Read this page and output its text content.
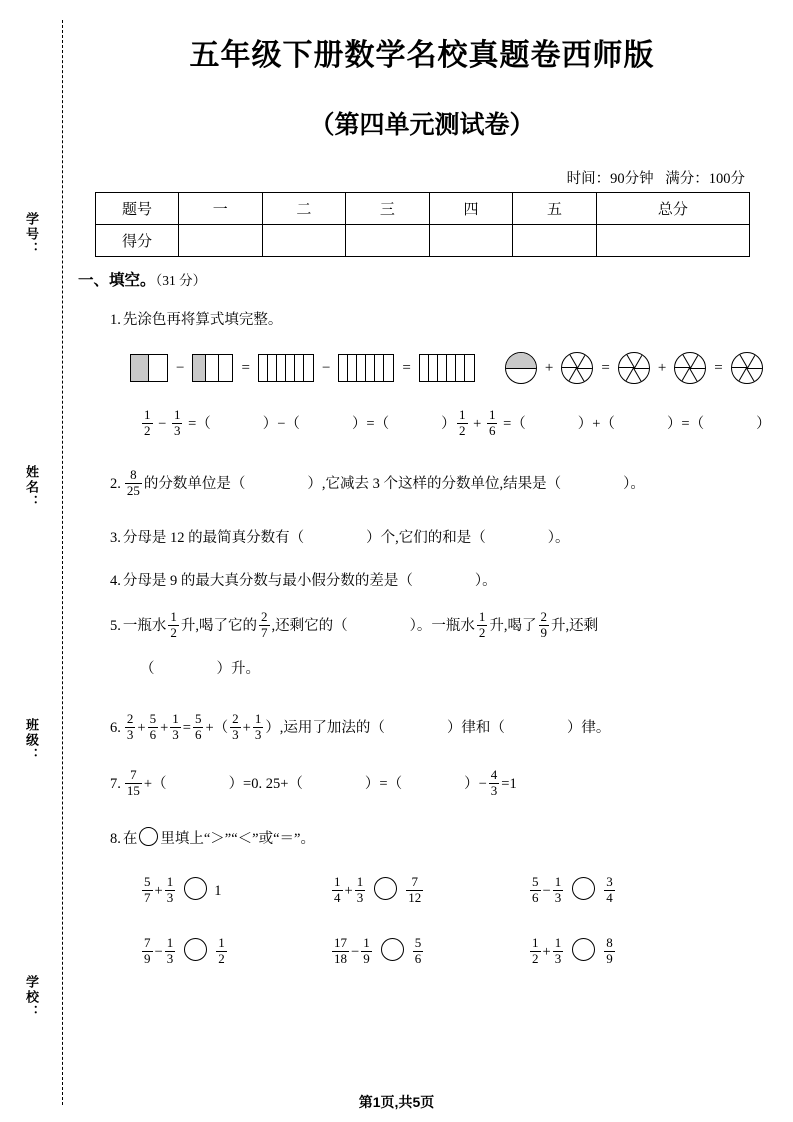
学号：
姓名：
班级：
学校：
五年级下册数学名校真题卷西师版
（第四单元测试卷）
时间：90分钟 满分：100分
题号	一	二	三	四	五	总分
得分						
一、填空。（31 分）
1. 先涂色再将算式填完整。
−	=	−	=	+	=	+	=
$\frac{1}{2} - \frac{1}{3}$ =（	）−（	）=（	） $\frac{1}{2} + \frac{1}{6}$ =（	）+（	）=（	）
2. $\frac{8}{25}$ 的分数单位是（	）,它减去 3 个这样的分数单位,结果是（	）。
3. 分母是 12 的最简真分数有（	）个,它们的和是（	）。
4. 分母是 9 的最大真分数与最小假分数的差是（	）。
5. 一瓶水 $\frac{1}{2}$ 升,喝了它的 $\frac{2}{7}$ ,还剩它的（	）。一瓶水 $\frac{1}{2}$ 升,喝了 $\frac{2}{9}$ 升,还剩
（	）升。
6. $\frac{2}{3} + \frac{5}{6} + \frac{1}{3} = \frac{5}{6}$ +（ $\frac{2}{3} + \frac{1}{3}$ ）,运用了加法的（	）律和（	）律。
7. $\frac{7}{15}$ +（	）=0. 25+（	）=（	）− $\frac{4}{3} =1$
8. 在 里填上“＞”“＜”或“＝”。
$\frac{5}{7} + \frac{1}{3}$	1	$\frac{1}{4} + \frac{1}{3}$	$\frac{7}{12}$	$\frac{5}{6} - \frac{1}{3}$	$\frac{3}{4}$
$\frac{7}{9} - \frac{1}{3}$	$\frac{1}{2}$	$\frac{17}{18} - \frac{1}{9}$	$\frac{5}{6}$	$\frac{1}{2} + \frac{1}{3}$	$\frac{8}{9}$
第1页,共5页
